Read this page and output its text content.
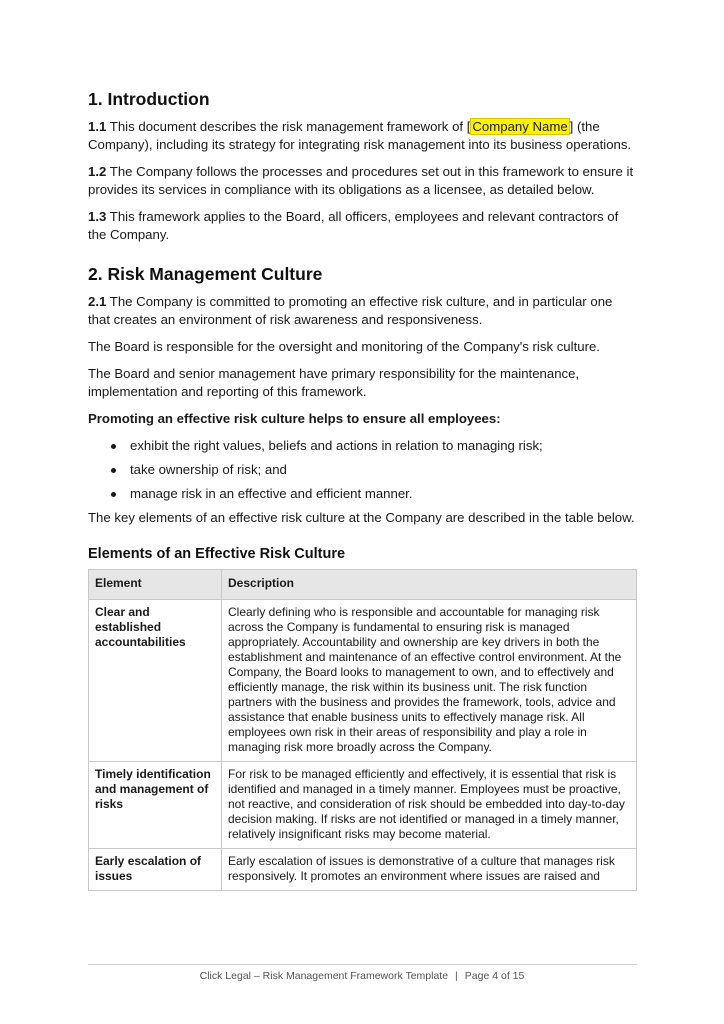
1. Introduction

1.1 This document describes the risk management framework of [ Company Name ] (the Company), including its strategy for integrating risk management into its business operations.

1.2 The Company follows the processes and procedures set out in this framework to ensure it provides its services in compliance with its obligations as a licensee, as detailed below.

1.3 This framework applies to the Board, all officers, employees and relevant contractors of the Company.

2. Risk Management Culture

2.1 The Company is committed to promoting an effective risk culture, and in particular one that creates an environment of risk awareness and responsiveness.

The Board is responsible for the oversight and monitoring of the Company's risk culture.

The Board and senior management have primary responsibility for the maintenance, implementation and reporting of this framework.

Promoting an effective risk culture helps to ensure all employees:

exhibit the right values, beliefs and actions in relation to managing risk;
take ownership of risk; and
manage risk in an effective and efficient manner.

The key elements of an effective risk culture at the Company are described in the table below.

Elements of an Effective Risk Culture
Element	Description
Clear and established accountabilities	Clearly defining who is responsible and accountable for managing risk across the Company is fundamental to ensuring risk is managed appropriately. Accountability and ownership are key drivers in both the establishment and maintenance of an effective control environment. At the Company, the Board looks to management to own, and to effectively and efficiently manage, the risk within its business unit. The risk function partners with the business and provides the framework, tools, advice and assistance that enable business units to effectively manage risk. All employees own risk in their areas of responsibility and play a role in managing risk more broadly across the Company.
Timely identification and management of risks	For risk to be managed efficiently and effectively, it is essential that risk is identified and managed in a timely manner. Employees must be proactive, not reactive, and consideration of risk should be embedded into day-to-day decision making. If risks are not identified or managed in a timely manner, relatively insignificant risks may become material.
Early escalation of issues	Early escalation of issues is demonstrative of a culture that manages risk responsively. It promotes an environment where issues are raised and
Click Legal – Risk Management Framework Template | Page 4 of 15
